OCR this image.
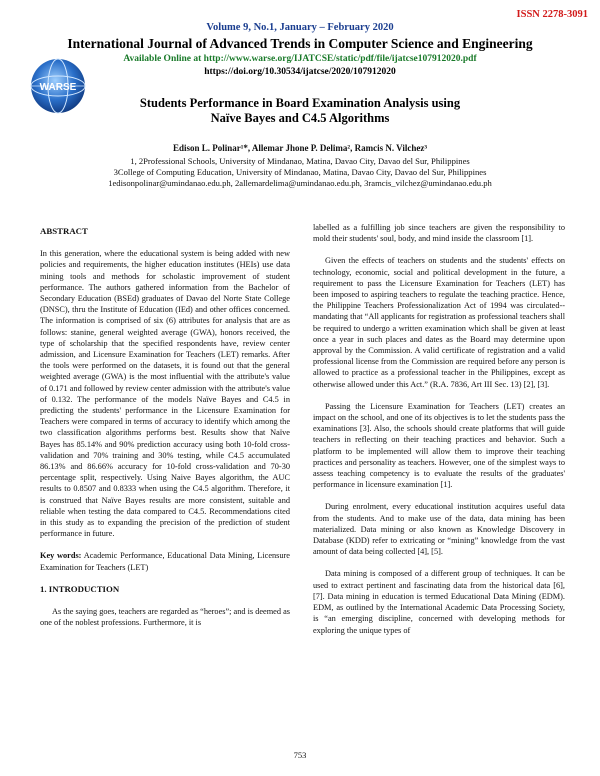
ISSN 2278-3091
Volume 9, No.1, January – February 2020
International Journal of Advanced Trends in Computer Science and Engineering
Available Online at http://www.warse.org/IJATCSE/static/pdf/file/ijatcse107912020.pdf
https://doi.org/10.30534/ijatcse/2020/107912020
WARSE
Students Performance in Board Examination Analysis using
Naïve Bayes and C4.5 Algorithms
Edison L. Polinar¹*, Allemar Jhone P. Delima², Ramcis N. Vilchez³
1, 2Professional Schools, University of Mindanao, Matina, Davao City, Davao del Sur, Philippines
3College of Computing Education, University of Mindanao, Matina, Davao City, Davao del Sur, Philippines
1edisonpolinar@umindanao.edu.ph, 2allemardelima@umindanao.edu.ph, 3ramcis_vilchez@umindanao.edu.ph
ABSTRACT

In this generation, where the educational system is being added with new policies and requirements, the higher education institutes (HEIs) use data mining tools and methods for scholastic improvement of student performance. The authors gathered information from the Bachelor of Secondary Education (BSEd) graduates of Davao del Norte State College (DNSC), thru the Institute of Education (IEd) and other offices concerned. The information is comprised of six (6) attributes for analysis that are as follows: stanine, general weighted average (GWA), honors received, the type of scholarship that the specified respondents have, review center admission, and Licensure Examination for Teachers (LET) remarks. After the tools were performed on the datasets, it is found out that the general weighted average (GWA) is the most influential with the attribute's value of 0.171 and followed by review center admission with the attribute's value of 0.132. The performance of the models Naïve Bayes and C4.5 in predicting the students' performance in the Licensure Examination for Teachers were compared in terms of accuracy to identify which among the two classification algorithms performs best. Results show that Naïve Bayes has 85.14% and 90% prediction accuracy using both 10-fold cross-validation and 70% training and 30% testing, while C4.5 accumulated 86.13% and 86.66% accuracy for 10-fold cross-validation and 70-30 percentage split, respectively. Using Naive Bayes algorithm, the AUC results to 0.8507 and 0.8333 when using the C4.5 algorithm. Therefore, it is construed that Naïve Bayes results are more consistent, suitable and reliable when testing the data compared to C4.5. Recommendations cited in this study as to expanding the precision of the prediction of student performance in future.

Key words: Academic Performance, Educational Data Mining, Licensure Examination for Teachers (LET)

1. INTRODUCTION

As the saying goes, teachers are regarded as “heroes”; and is deemed as one of the noblest professions. Furthermore, it is

labelled as a fulfilling job since teachers are given the responsibility to mold their students' soul, body, and mind inside the classroom [1].

Given the effects of teachers on students and the students' effects on technology, economic, social and political development in the future, a requirement to pass the Licensure Examination for Teachers (LET) has been imposed to aspiring teachers to regulate the teaching practice. Hence, the Philippine Teachers Professionalization Act of 1994 was circulated-- mandating that “All applicants for registration as professional teachers shall be required to undergo a written examination which shall be given at least once a year in such places and dates as the Board may determine upon approval by the Commission. A valid certificate of registration and a valid professional license from the Commission are required before any person is allowed to practice as a professional teacher in the Philippines, except as otherwise allowed under this Act.” (R.A. 7836, Art III Sec. 13) [2], [3].

Passing the Licensure Examination for Teachers (LET) creates an impact on the school, and one of its objectives is to let the students pass the examinations [3]. Also, the schools should create platforms that will guide teachers in reflecting on their teaching practices and behavior. Such a platform to be implemented will allow them to improve their teaching practices and personality as teachers. However, one of the simplest ways to assess teaching competency is to evaluate the results of the graduates' performance in licensure examination [1].

During enrolment, every educational institution acquires useful data from the students. And to make use of the data, data mining has been materialized. Data mining or also known as Knowledge Discovery in Database (KDD) refer to extricating or “mining” knowledge from the vast amount of data being collected [4], [5].

Data mining is composed of a different group of techniques. It can be used to extract pertinent and fascinating data from the historical data [6], [7]. Data mining in education is termed Educational Data Mining (EDM). EDM, as outlined by the International Academic Data Processing Society, is “an emerging discipline, concerned with developing methods for exploring the unique types of

753
